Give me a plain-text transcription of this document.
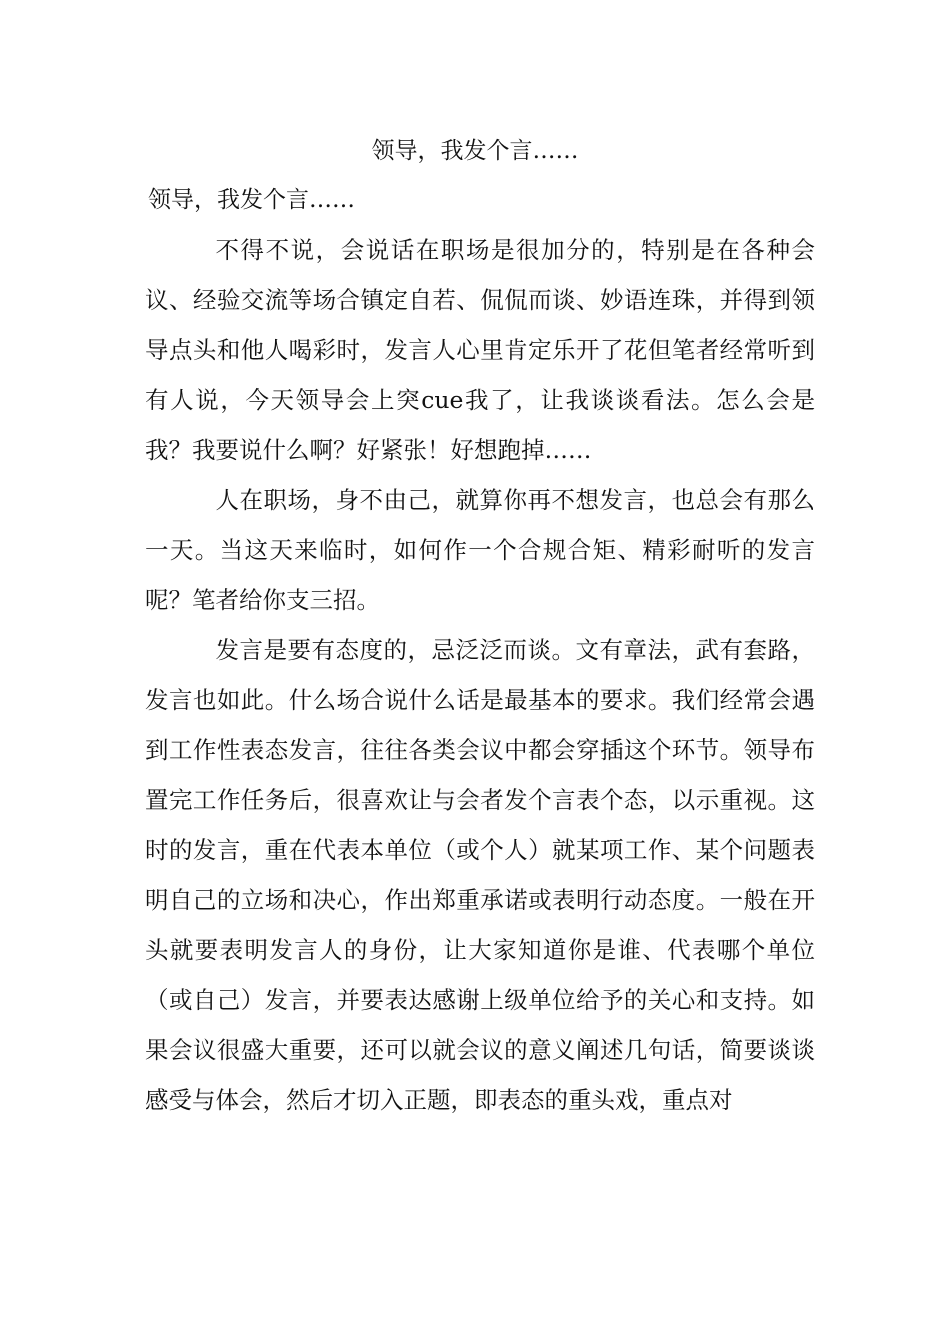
领导，我发个言……
领导，我发个言……

不得不说，会说话在职场是很加分的，特别是在各种会议、经验交流等场合镇定自若、侃侃而谈、妙语连珠，并得到领导点头和他人喝彩时，发言人心里肯定乐开了花但笔者经常听到有人说，今天领导会上突cue我了，让我谈谈看法。怎么会是我？我要说什么啊？好紧张！好想跑掉……

人在职场，身不由己，就算你再不想发言，也总会有那么一天。当这天来临时，如何作一个合规合矩、精彩耐听的发言呢？笔者给你支三招。

发言是要有态度的，忌泛泛而谈。文有章法，武有套路，发言也如此。什么场合说什么话是最基本的要求。我们经常会遇到工作性表态发言，往往各类会议中都会穿插这个环节。领导布置完工作任务后，很喜欢让与会者发个言表个态，以示重视。这时的发言，重在代表本单位（或个人）就某项工作、某个问题表明自己的立场和决心，作出郑重承诺或表明行动态度。一般在开头就要表明发言人的身份，让大家知道你是谁、代表哪个单位（或自己）发言，并要表达感谢上级单位给予的关心和支持。如果会议很盛大重要，还可以就会议的意义阐述几句话，简要谈谈感受与体会，然后才切入正题，即表态的重头戏，重点对
